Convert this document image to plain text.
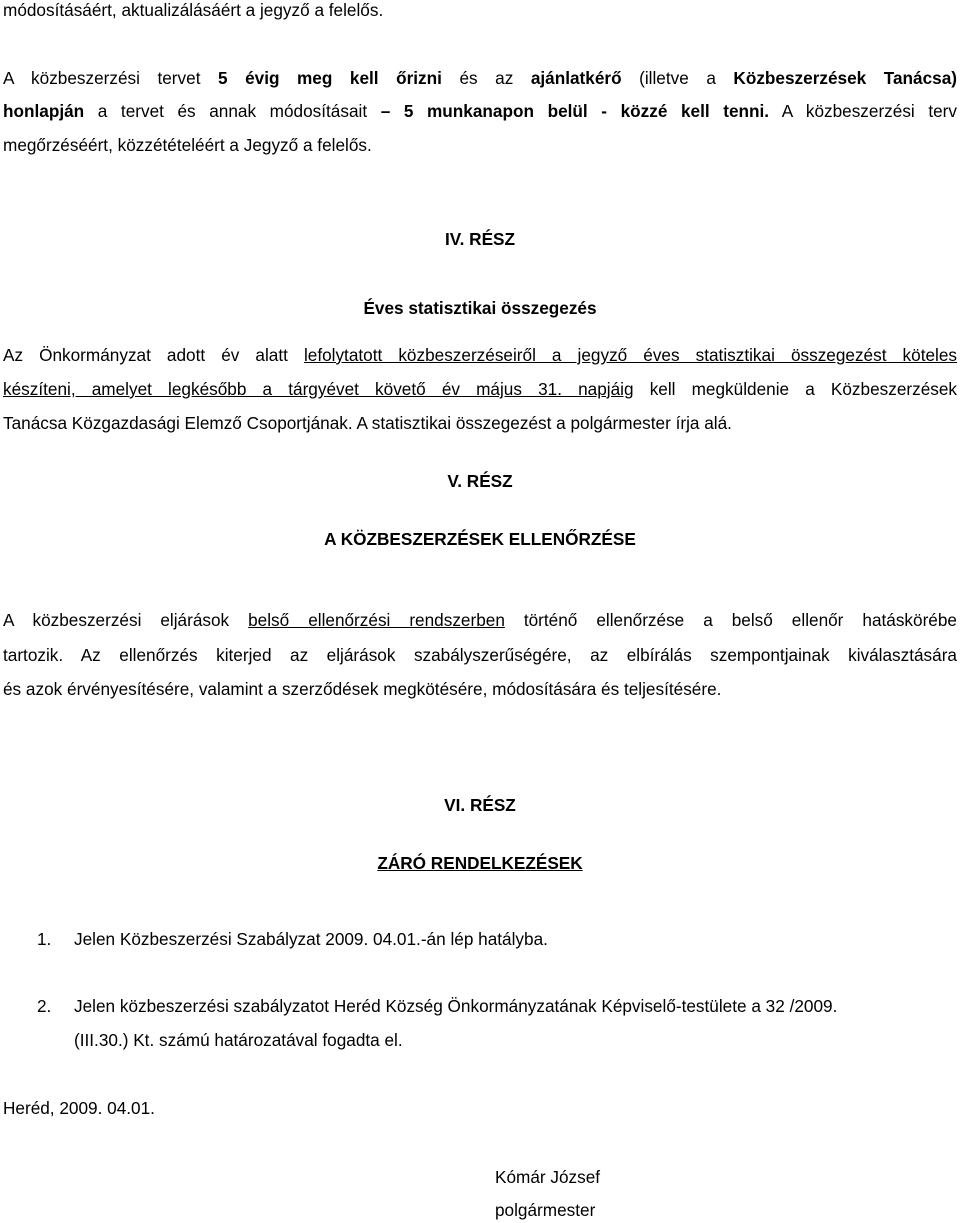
módosításáért, aktualizálásáért a jegyző a felelős.
A közbeszerzési tervet 5 évig meg kell őrizni és az ajánlatkérő (illetve a Közbeszerzések Tanácsa)
honlapján a tervet és annak módosításait – 5 munkanapon belül - közzé kell tenni. A közbeszerzési terv
megőrzéséért, közzétételéért a Jegyző a felelős.
IV. RÉSZ
Éves statisztikai összegezés
Az Önkormányzat adott év alatt lefolytatott közbeszerzéseiről a jegyző éves statisztikai összegezést köteles
készíteni, amelyet legkésőbb a tárgyévet követő év május 31. napjáig kell megküldenie a Közbeszerzések
Tanácsa Közgazdasági Elemző Csoportjának. A statisztikai összegezést a polgármester írja alá.
V. RÉSZ
A KÖZBESZERZÉSEK ELLENŐRZÉSE
A közbeszerzési eljárások belső ellenőrzési rendszerben történő ellenőrzése a belső ellenőr hatáskörébe
tartozik. Az ellenőrzés kiterjed az eljárások szabályszerűségére, az elbírálás szempontjainak kiválasztására
és azok érvényesítésére, valamint a szerződések megkötésére, módosítására és teljesítésére.
VI. RÉSZ
ZÁRÓ RENDELKEZÉSEK
1. Jelen Közbeszerzési Szabályzat 2009. 04.01.-án lép hatályba.
2. Jelen közbeszerzési szabályzatot Heréd Község Önkormányzatának Képviselő-testülete a 32 /2009.
(III.30.) Kt. számú határozatával fogadta el.
Heréd, 2009. 04.01.
Kómár József
polgármester
